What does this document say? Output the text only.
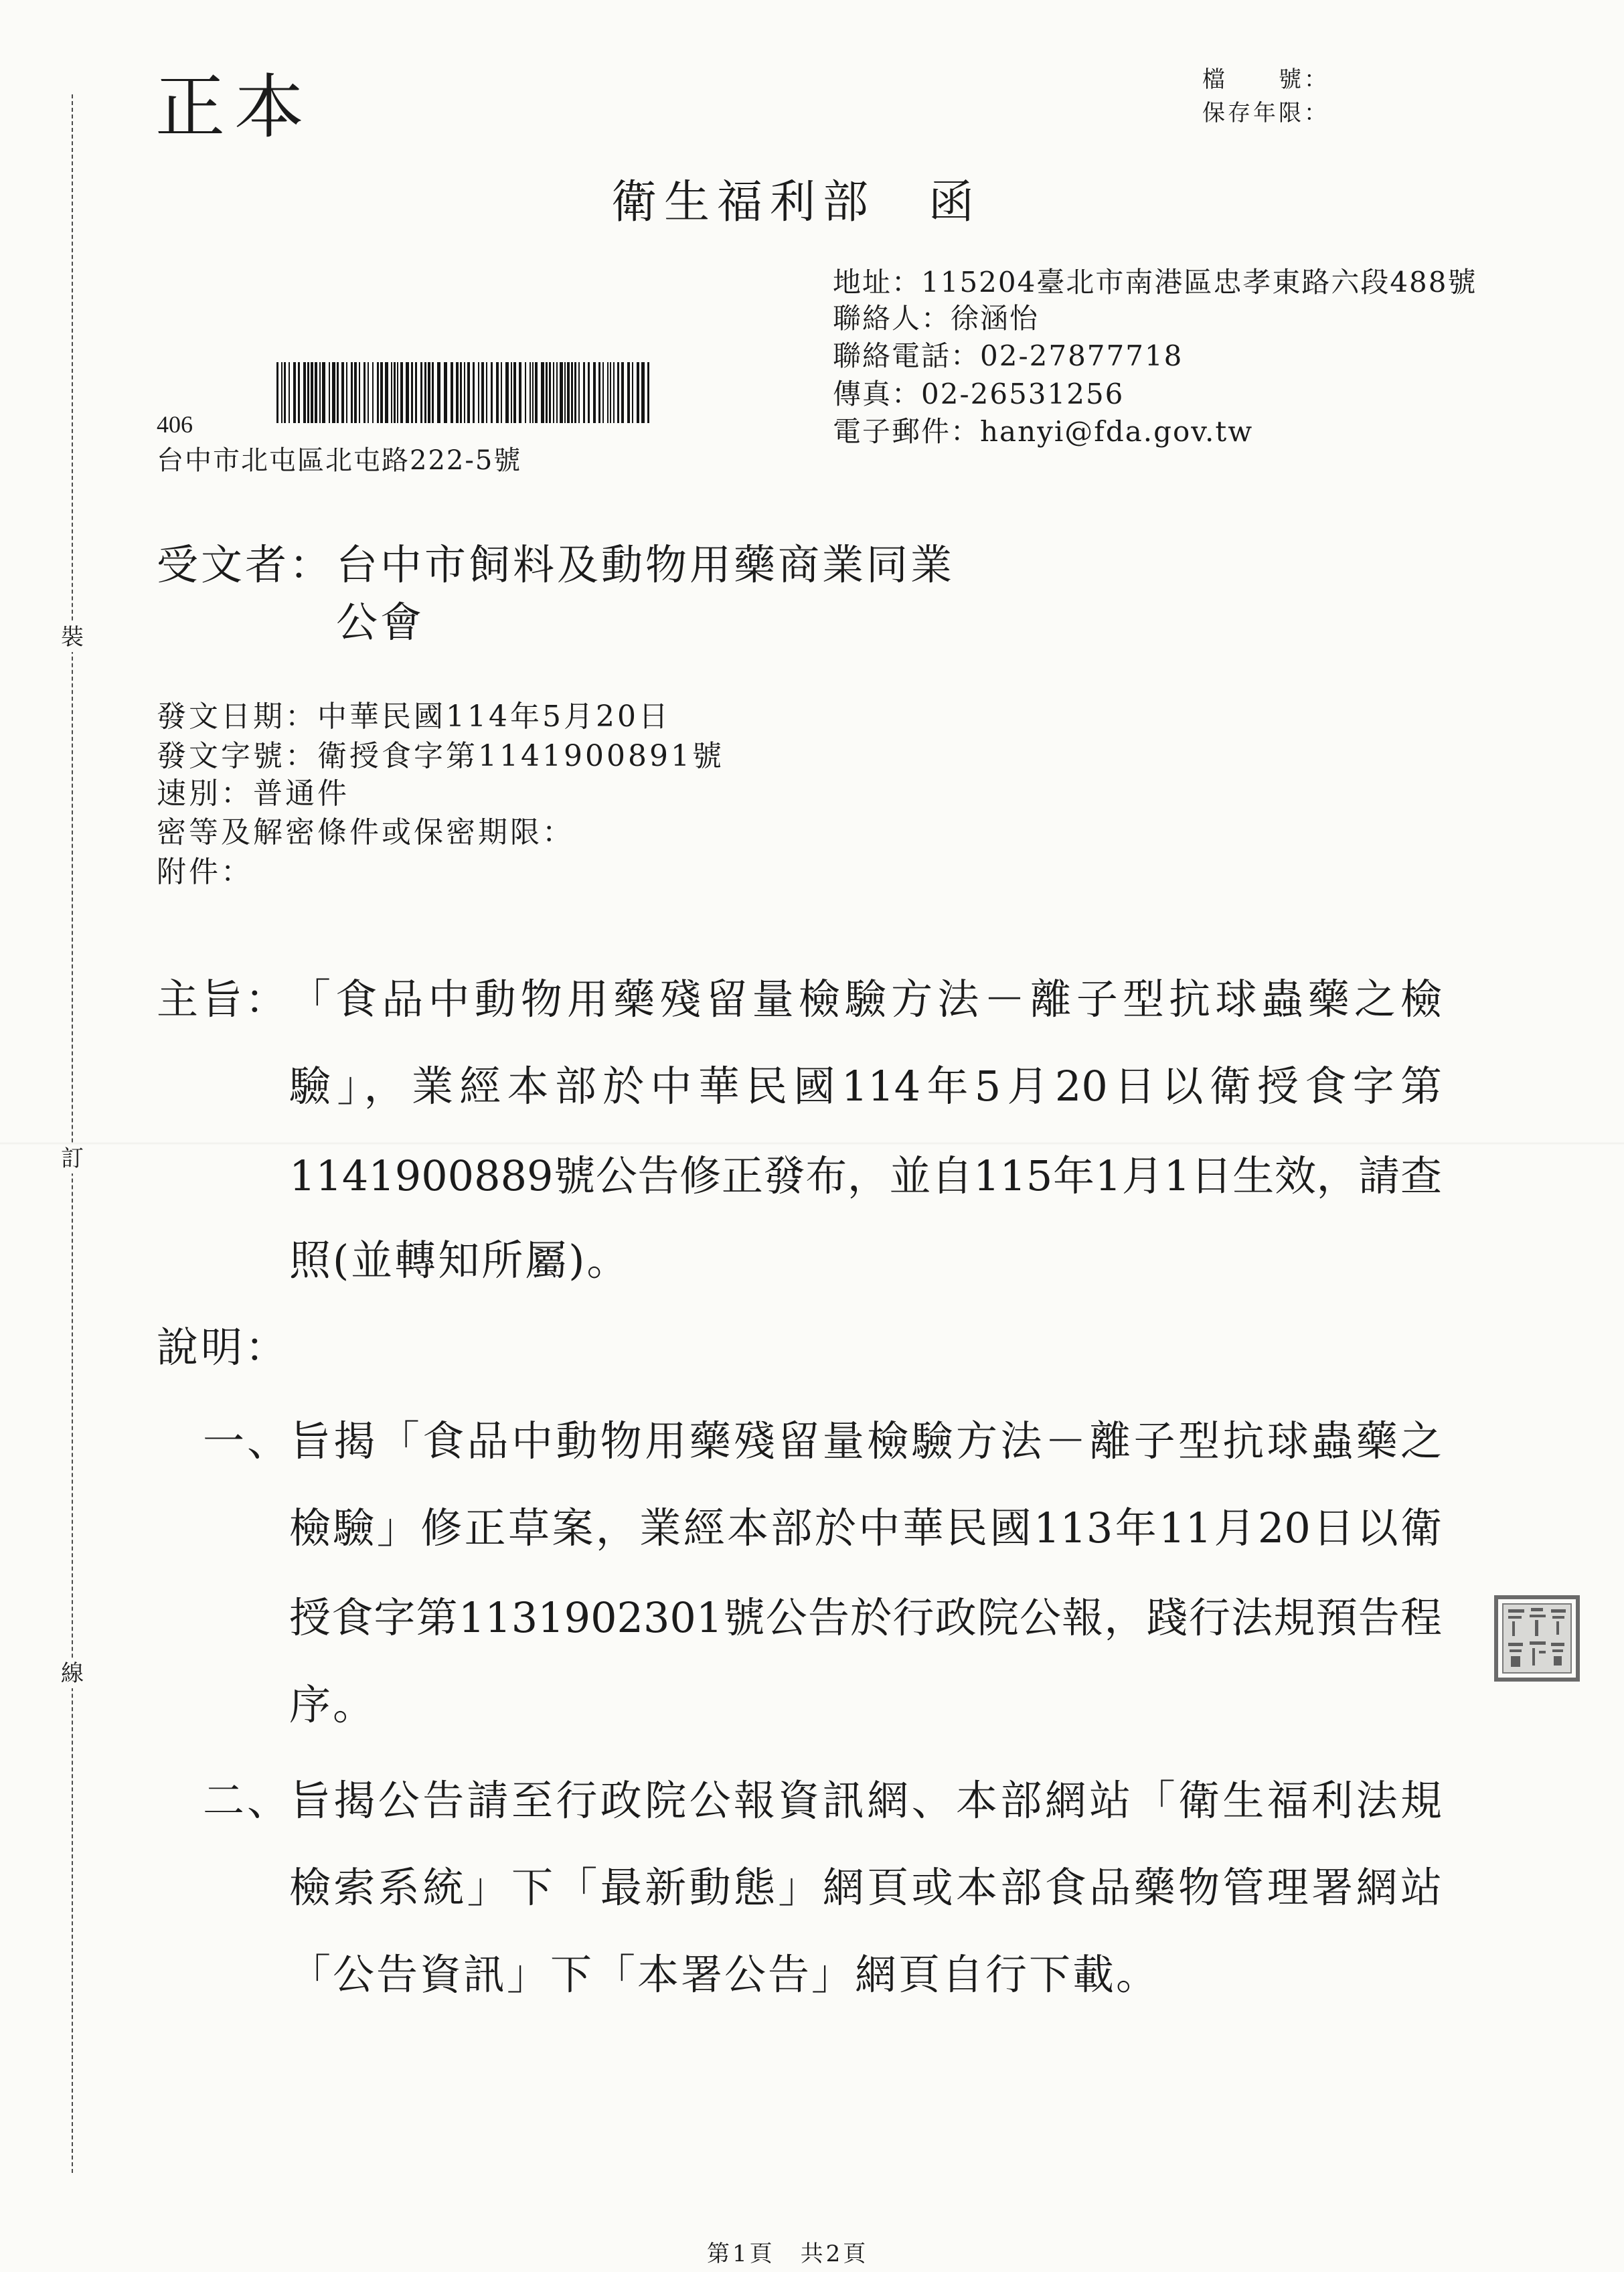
裝
訂
線
正本	檔　　號：
保存年限：
衛生福利部　函
地址：115204臺北市南港區忠孝東路六段488號
聯絡人：徐涵怡
聯絡電話：02-27877718
傳真：02-26531256
電子郵件：hanyi@fda.gov.tw
406
台中市北屯區北屯路222-5號
受文者： 台中市飼料及動物用藥商業同業
公會
發文日期：中華民國114年5月20日
發文字號：衛授食字第1141900891號
速別：普通件
密等及解密條件或保密期限：
附件：
主旨： 「食品中動物用藥殘留量檢驗方法－離子型抗球蟲藥之檢
驗」，業經本部於中華民國114年5月20日以衛授食字第
1141900889號公告修正發布，並自115年1月1日生效，請查
照(並轉知所屬)。
說明：
一、
旨揭「食品中動物用藥殘留量檢驗方法－離子型抗球蟲藥之
檢驗」修正草案，業經本部於中華民國113年11月20日以衛
授食字第1131902301號公告於行政院公報，踐行法規預告程
序。
二、
旨揭公告請至行政院公報資訊網、本部網站「衛生福利法規
檢索系統」下「最新動態」網頁或本部食品藥物管理署網站
「公告資訊」下「本署公告」網頁自行下載。
第1頁　共2頁
